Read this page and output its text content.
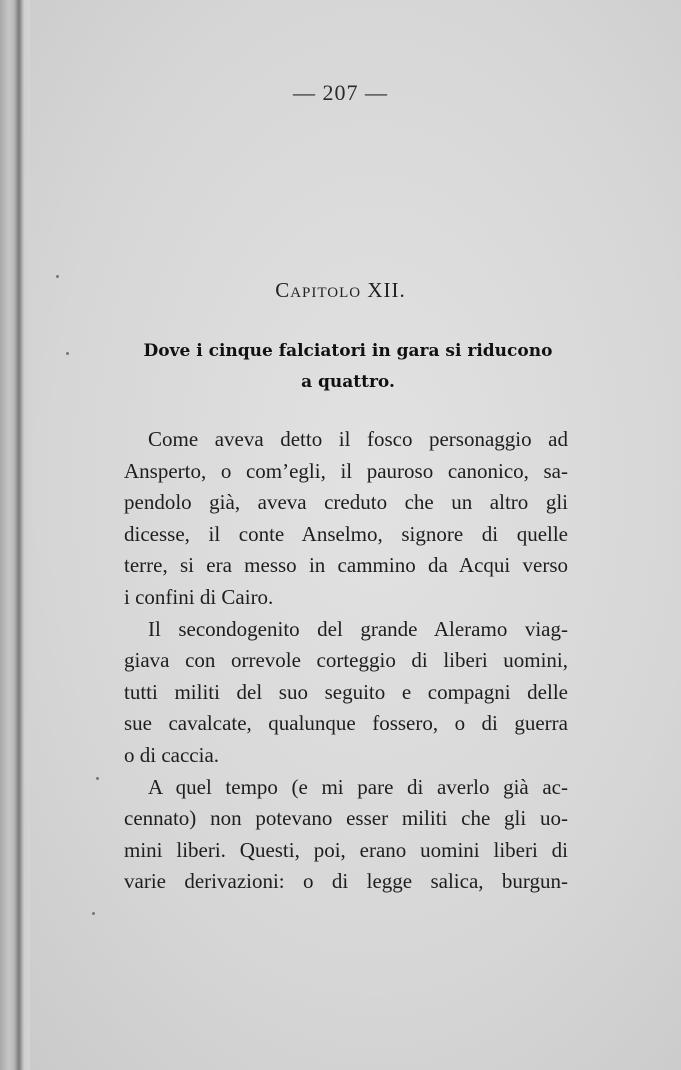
— 207 —
Capitolo XII.
Dove i cinque falciatori in gara si riducono
a quattro.
Come aveva detto il fosco personaggio ad
Ansperto, o com’egli, il pauroso canonico, sa-
pendolo già, aveva creduto che un altro gli
dicesse, il conte Anselmo, signore di quelle
terre, si era messo in cammino da Acqui verso
i confini di Cairo.
Il secondogenito del grande Aleramo viag-
giava con orrevole corteggio di liberi uomini,
tutti militi del suo seguito e compagni delle
sue cavalcate, qualunque fossero, o di guerra
o di caccia.
A quel tempo (e mi pare di averlo già ac-
cennato) non potevano esser militi che gli uo-
mini liberi. Questi, poi, erano uomini liberi di
varie derivazioni: o di legge salica, burgun-
